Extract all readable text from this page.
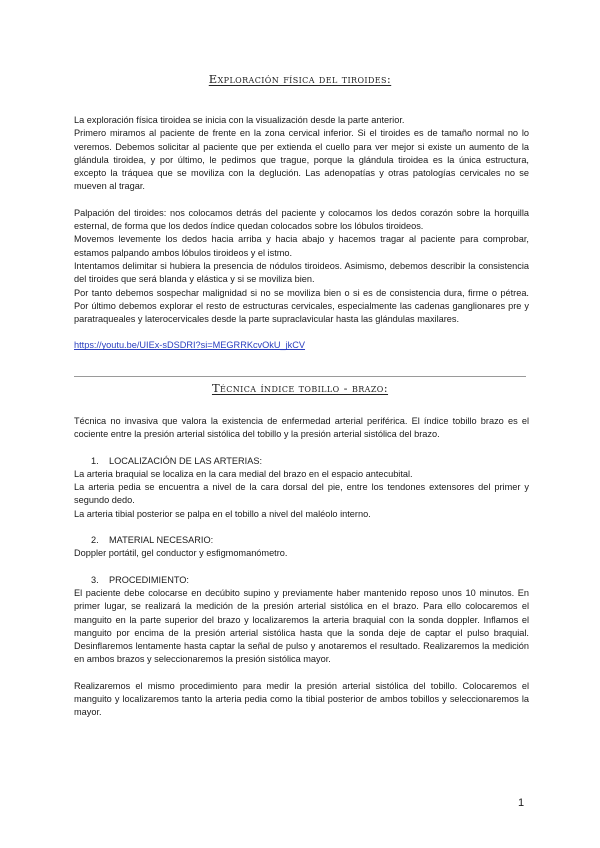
Exploración física del tiroides:

La exploración física tiroidea se inicia con la visualización desde la parte anterior.

Primero miramos al paciente de frente en la zona cervical inferior. Si el tiroides es de tamaño normal no lo veremos. Debemos solicitar al paciente que per extienda el cuello para ver mejor si existe un aumento de la glándula tiroidea, y por último, le pedimos que trague, porque la glándula tiroidea es la única estructura, excepto la tráquea que se moviliza con la deglución. Las adenopatías y otras patologías cervicales no se mueven al tragar.

Palpación del tiroides: nos colocamos detrás del paciente y colocamos los dedos corazón sobre la horquilla esternal, de forma que los dedos índice quedan colocados sobre los lóbulos tiroideos.

Movemos levemente los dedos hacia arriba y hacia abajo y hacemos tragar al paciente para comprobar, estamos palpando ambos lóbulos tiroideos y el istmo.

Intentamos delimitar si hubiera la presencia de nódulos tiroideos. Asimismo, debemos describir la consistencia del tiroides que será blanda y elástica y si se moviliza bien.

Por tanto debemos sospechar malignidad si no se moviliza bien o si es de consistencia dura, firme o pétrea. Por último debemos explorar el resto de estructuras cervicales, especialmente las cadenas ganglionares pre y paratraqueales y laterocervicales desde la parte supraclavicular hasta las glándulas maxilares.

https://youtu.be/UIEx-sDSDRI?si=MEGRRKcvOkU_jkCV

Técnica índice tobillo - brazo:

Técnica no invasiva que valora la existencia de enfermedad arterial periférica. El índice tobillo brazo es el cociente entre la presión arterial sistólica del tobillo y la presión arterial sistólica del brazo.

1. LOCALIZACIÓN DE LAS ARTERIAS:

La arteria braquial se localiza en la cara medial del brazo en el espacio antecubital.

La arteria pedia se encuentra a nivel de la cara dorsal del pie, entre los tendones extensores del primer y segundo dedo.

La arteria tibial posterior se palpa en el tobillo a nivel del maléolo interno.

2. MATERIAL NECESARIO:

Doppler portátil, gel conductor y esfigmomanómetro.

3. PROCEDIMIENTO:

El paciente debe colocarse en decúbito supino y previamente haber mantenido reposo unos 10 minutos. En primer lugar, se realizará la medición de la presión arterial sistólica en el brazo. Para ello colocaremos el manguito en la parte superior del brazo y localizaremos la arteria braquial con la sonda doppler. Inflamos el manguito por encima de la presión arterial sistólica hasta que la sonda deje de captar el pulso braquial. Desinflaremos lentamente hasta captar la señal de pulso y anotaremos el resultado. Realizaremos la medición en ambos brazos y seleccionaremos la presión sistólica mayor.

Realizaremos el mismo procedimiento para medir la presión arterial sistólica del tobillo. Colocaremos el manguito y localizaremos tanto la arteria pedia como la tibial posterior de ambos tobillos y seleccionaremos la mayor.

1
